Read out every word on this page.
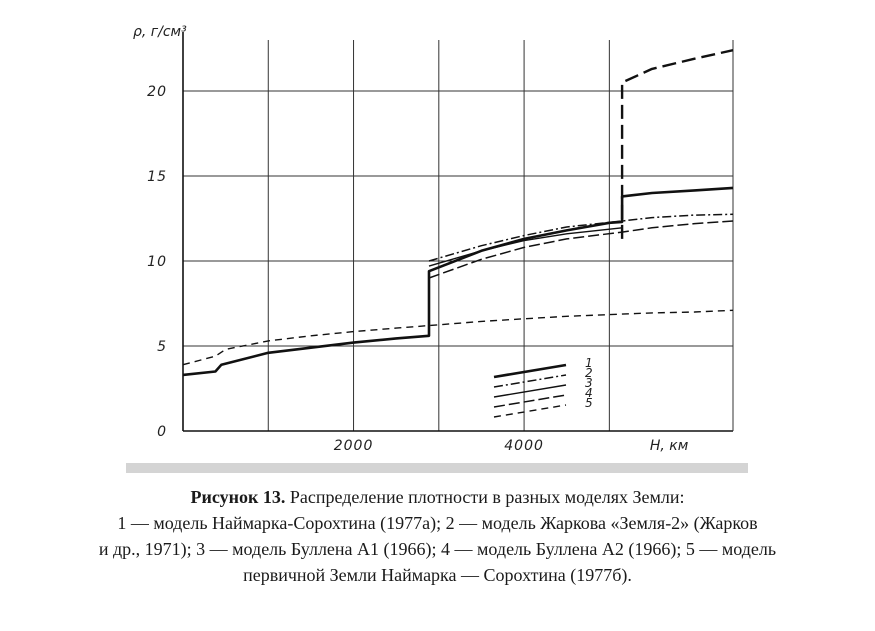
0
5
10
15
20
2000	4000
ρ, г/см³
H, км
1
2
3
4
5

Рисунок 13. Распределение плотности в разных моделях Земли:

1 — модель Наймарка-Сорохтина (1977а); 2 — модель Жаркова «Земля-2» (Жарков

и др., 1971); 3 — модель Буллена А1 (1966); 4 — модель Буллена А2 (1966); 5 — модель

первичной Земли Наймарка — Сорохтина (1977б).
